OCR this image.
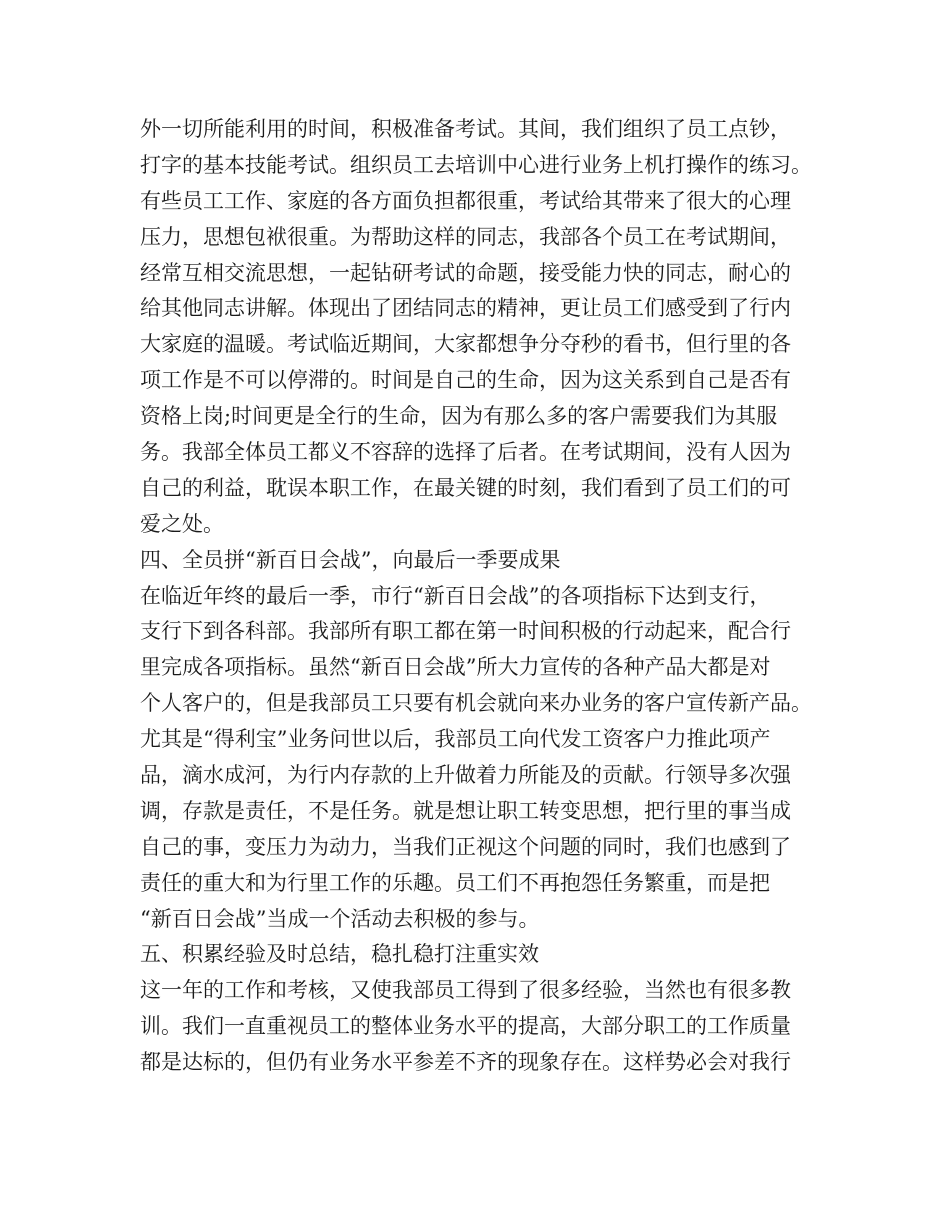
外一切所能利用的时间，积极准备考试。其间，我们组织了员工点钞，
打字的基本技能考试。组织员工去培训中心进行业务上机打操作的练习。
有些员工工作、家庭的各方面负担都很重，考试给其带来了很大的心理
压力，思想包袱很重。为帮助这样的同志，我部各个员工在考试期间，
经常互相交流思想，一起钻研考试的命题，接受能力快的同志，耐心的
给其他同志讲解。体现出了团结同志的精神，更让员工们感受到了行内
大家庭的温暖。考试临近期间，大家都想争分夺秒的看书，但行里的各
项工作是不可以停滞的。时间是自己的生命，因为这关系到自己是否有
资格上岗;时间更是全行的生命，因为有那么多的客户需要我们为其服
务。我部全体员工都义不容辞的选择了后者。在考试期间，没有人因为
自己的利益，耽误本职工作，在最关键的时刻，我们看到了员工们的可
爱之处。
四、全员拼“新百日会战”，向最后一季要成果
在临近年终的最后一季，市行“新百日会战”的各项指标下达到支行，
支行下到各科部。我部所有职工都在第一时间积极的行动起来，配合行
里完成各项指标。虽然“新百日会战”所大力宣传的各种产品大都是对
个人客户的，但是我部员工只要有机会就向来办业务的客户宣传新产品。
尤其是“得利宝”业务问世以后，我部员工向代发工资客户力推此项产
品，滴水成河，为行内存款的上升做着力所能及的贡献。行领导多次强
调，存款是责任，不是任务。就是想让职工转变思想，把行里的事当成
自己的事，变压力为动力，当我们正视这个问题的同时，我们也感到了
责任的重大和为行里工作的乐趣。员工们不再抱怨任务繁重，而是把
“新百日会战”当成一个活动去积极的参与。
五、积累经验及时总结，稳扎稳打注重实效
这一年的工作和考核，又使我部员工得到了很多经验，当然也有很多教
训。我们一直重视员工的整体业务水平的提高，大部分职工的工作质量
都是达标的，但仍有业务水平参差不齐的现象存在。这样势必会对我行
